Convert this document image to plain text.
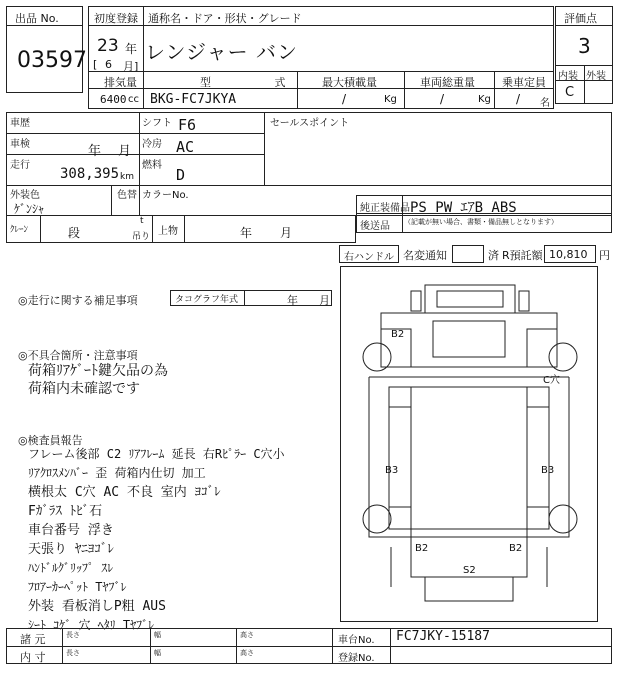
出品 No.
03597
初度登録 通称名・ドア・形状・グレード
23 年
[ 6 月]
レンジャー バン
評価点
3
内装 外装
C
排気量
6400 cc
型 式
BKG-FC7JKYA
最大積載量
/	Kg
車両総重量
/	Kg
乗車定員
/ 名
車歴	シフト F6
車検	年 月 冷房 AC
走行
308,395 km
燃料
D
セールスポイント
外装色
ｹﾞﾝｼｬ
色替 カラーNo.
純正装備品 PS PW ｴｱB ABS
後送品 （記載が無い場合、書類・備品無しとなります）
ｸﾚｰﾝ	段
t
吊り 上物	年 月
右ハンドル 名変通知	済 R預託額 10,810 円
◎走行に関する補足事項	タコグラフ年式	年 月
◎不具合箇所・注意事項
荷箱ﾘｱｹﾞｰﾄ鍵欠品の為
荷箱内未確認です
◎検査員報告
フレーム後部 C2 ﾘｱﾌﾚｰﾑ 延長 右Rﾋﾟﾗｰ C穴小
ﾘｱｸﾛｽﾒﾝﾊﾞｰ 歪 荷箱内仕切 加工
横根太 C穴 AC 不良 室内 ﾖｺﾞﾚ
Fｶﾞﾗｽ ﾄﾋﾞ石
車台番号 浮き
天張り ﾔﾆﾖｺﾞﾚ
ﾊﾝﾄﾞﾙｸﾞﾘｯﾌﾟ ｽﾚ
ﾌﾛｱｰｶｰﾍﾟｯﾄ Tﾔﾌﾞﾚ
外装 看板消しP粗 AUS
ｼｰﾄ ｺｹﾞ 穴 ﾍﾀﾘ Tﾔﾌﾞﾚ
B2
C穴
B3	B3
B2	B2
S2
諸 元
内 寸
長さ	幅	高さ
長さ	幅	高さ
車台No. FC7JKY-15187
登録No.
